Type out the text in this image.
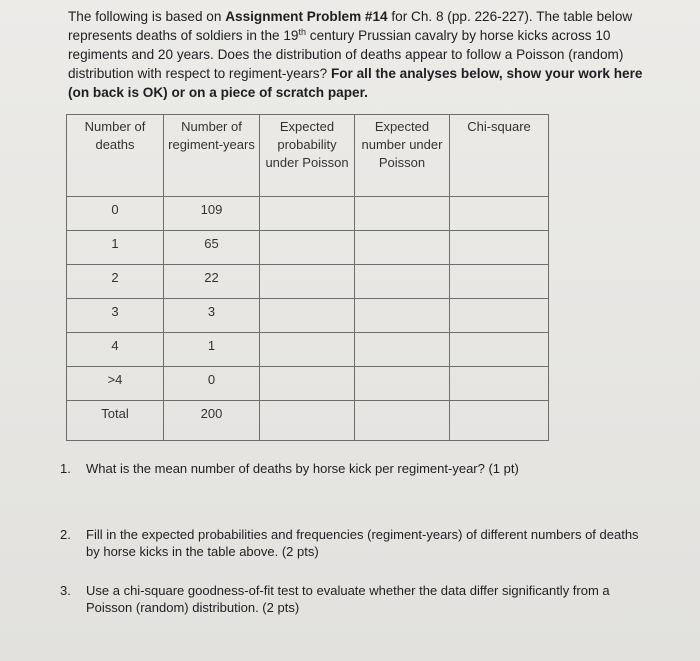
The following is based on Assignment Problem #14 for Ch. 8 (pp. 226-227). The table below represents deaths of soldiers in the 19th century Prussian cavalry by horse kicks across 10 regiments and 20 years. Does the distribution of deaths appear to follow a Poisson (random) distribution with respect to regiment-years? For all the analyses below, show your work here (on back is OK) or on a piece of scratch paper.
Number of deaths	Number of regiment-years	Expected probability under Poisson	Expected number under Poisson	Chi-square
0	109			
1	65			
2	22			
3	3			
4	1			
>4	0			
Total	200			
1.	What is the mean number of deaths by horse kick per regiment-year? (1 pt)
2.	Fill in the expected probabilities and frequencies (regiment-years) of different numbers of deaths by horse kicks in the table above. (2 pts)
3.	Use a chi-square goodness-of-fit test to evaluate whether the data differ significantly from a Poisson (random) distribution. (2 pts)
